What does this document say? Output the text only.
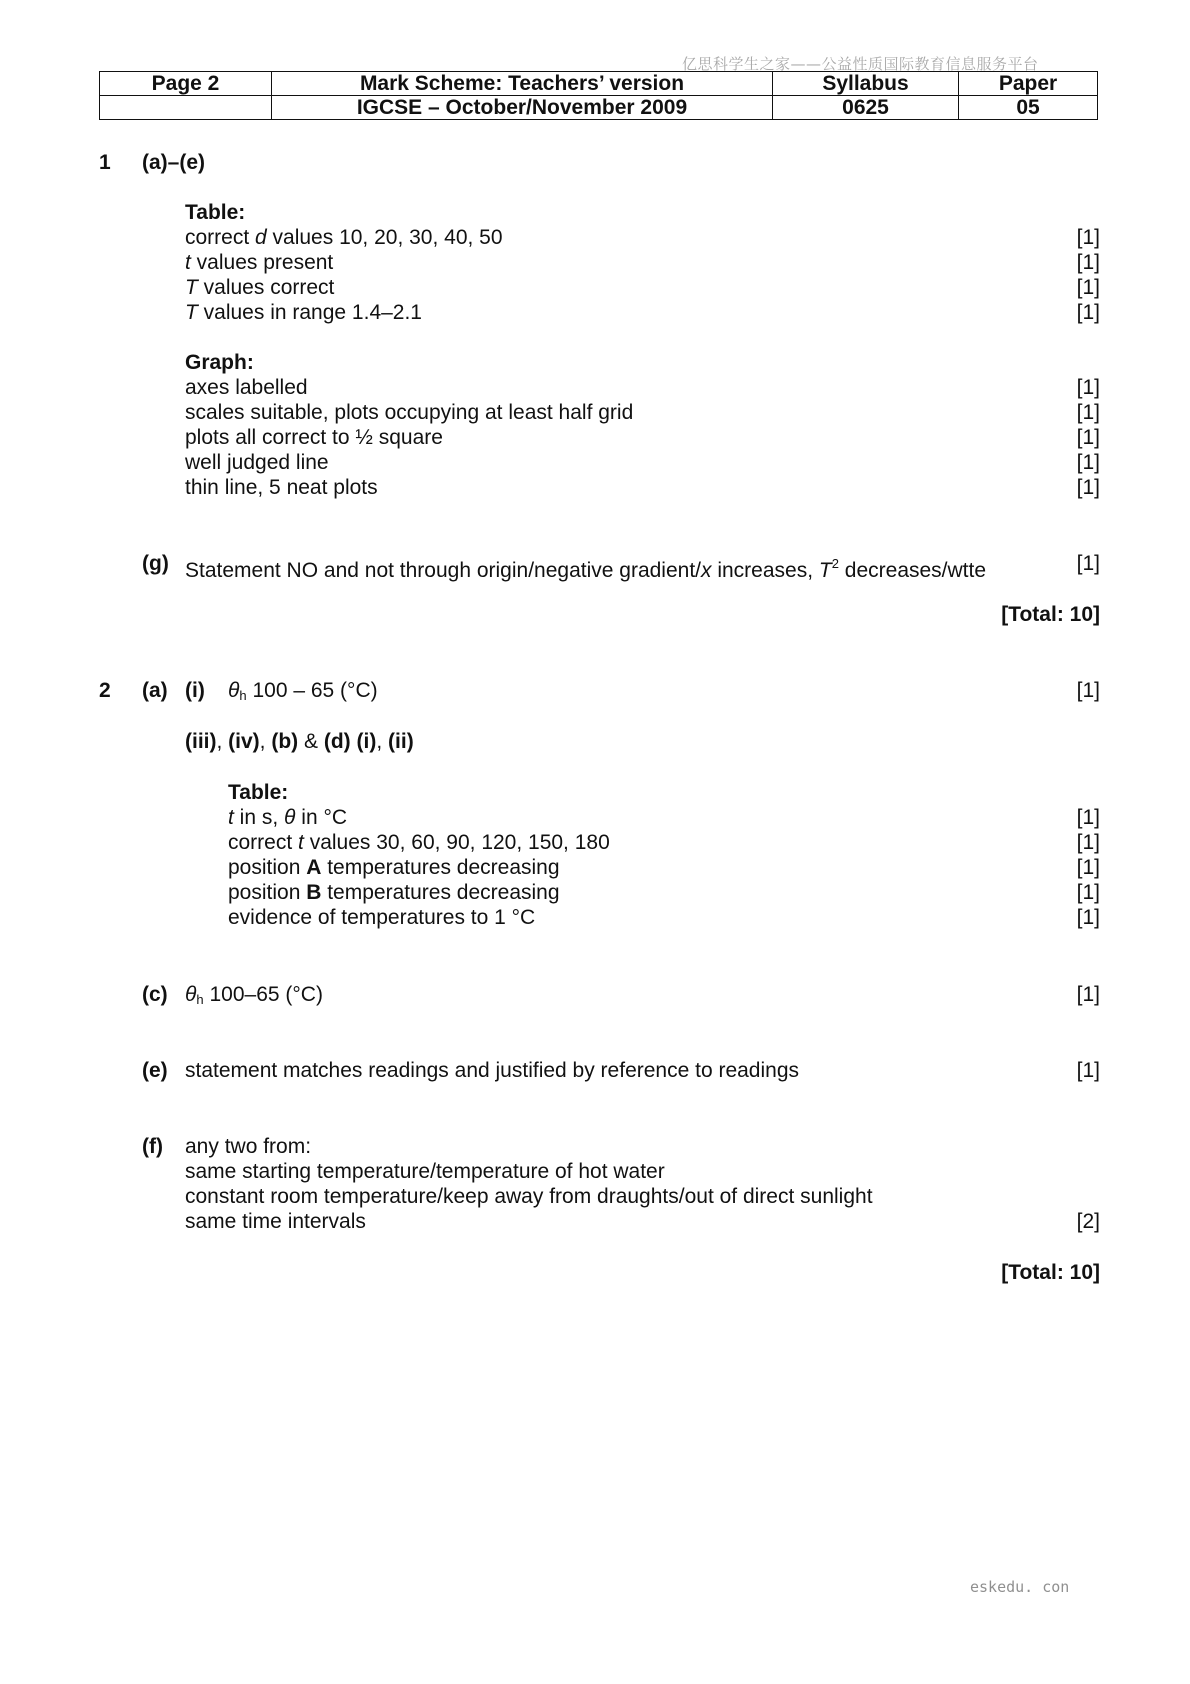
亿思科学生之家——公益性质国际教育信息服务平台
Page 2	Mark Scheme: Teachers’ version	Syllabus	Paper
	IGCSE – October/November 2009	0625	05
1 (a)–(e)
Table:
correct d values 10, 20, 30, 40, 50	[1]
t values present	[1]
T values correct	[1]
T values in range 1.4–2.1	[1]
Graph:
axes labelled	[1]
scales suitable, plots occupying at least half grid	[1]
plots all correct to ½ square	[1]
well judged line	[1]
thin line, 5 neat plots	[1]
(g) Statement NO and not through origin/negative gradient/x increases, $T^2$ decreases/wtte	[1]
[Total: 10]
2 (a) (i) $\theta_h$ 100 – 65 (°C)	[1]
(iii), (iv), (b) & (d) (i), (ii)
Table:
t in s, θ in °C	[1]
correct t values 30, 60, 90, 120, 150, 180	[1]
position A temperatures decreasing	[1]
position B temperatures decreasing	[1]
evidence of temperatures to 1 °C	[1]
(c) $\theta_h$ 100–65 (°C)	[1]
(e) statement matches readings and justified by reference to readings	[1]
(f) any two from:
same starting temperature/temperature of hot water
constant room temperature/keep away from draughts/out of direct sunlight
same time intervals	[2]
[Total: 10]
eskedu. con
